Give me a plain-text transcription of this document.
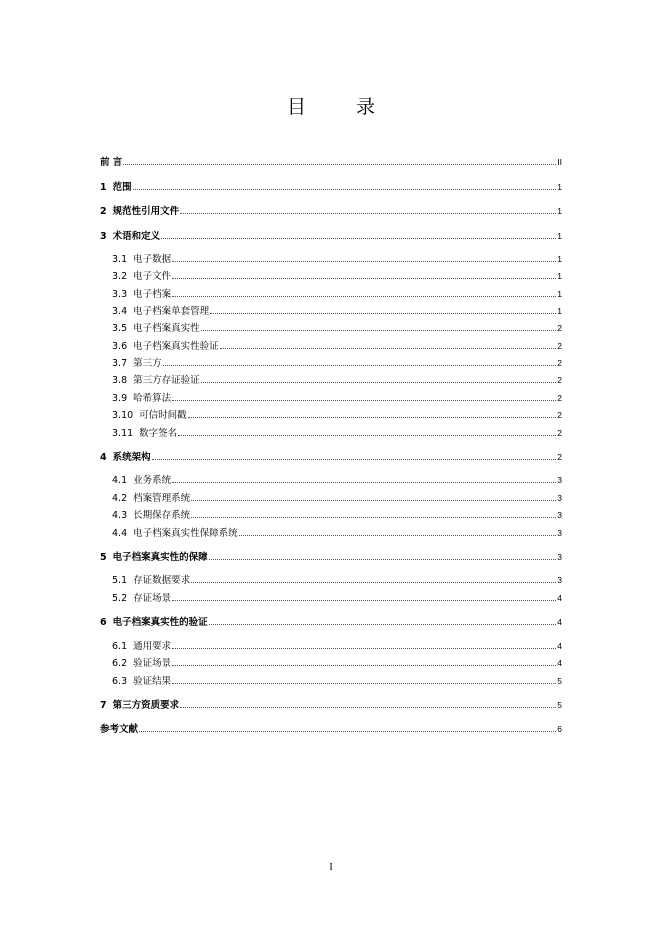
目 录
前 言	II
1 范围	1
2 规范性引用文件	1
3 术语和定义	1
3.1 电子数据	1
3.2 电子文件	1
3.3 电子档案	1
3.4 电子档案单套管理	1
3.5 电子档案真实性	2
3.6 电子档案真实性验证	2
3.7 第三方	2
3.8 第三方存证验证	2
3.9 哈希算法	2
3.10 可信时间戳	2
3.11 数字签名	2
4 系统架构	2
4.1 业务系统	3
4.2 档案管理系统	3
4.3 长期保存系统	3
4.4 电子档案真实性保障系统	3
5 电子档案真实性的保障	3
5.1 存证数据要求	3
5.2 存证场景	4
6 电子档案真实性的验证	4
6.1 通用要求	4
6.2 验证场景	4
6.3 验证结果	5
7 第三方资质要求	5
参考文献	6
I
